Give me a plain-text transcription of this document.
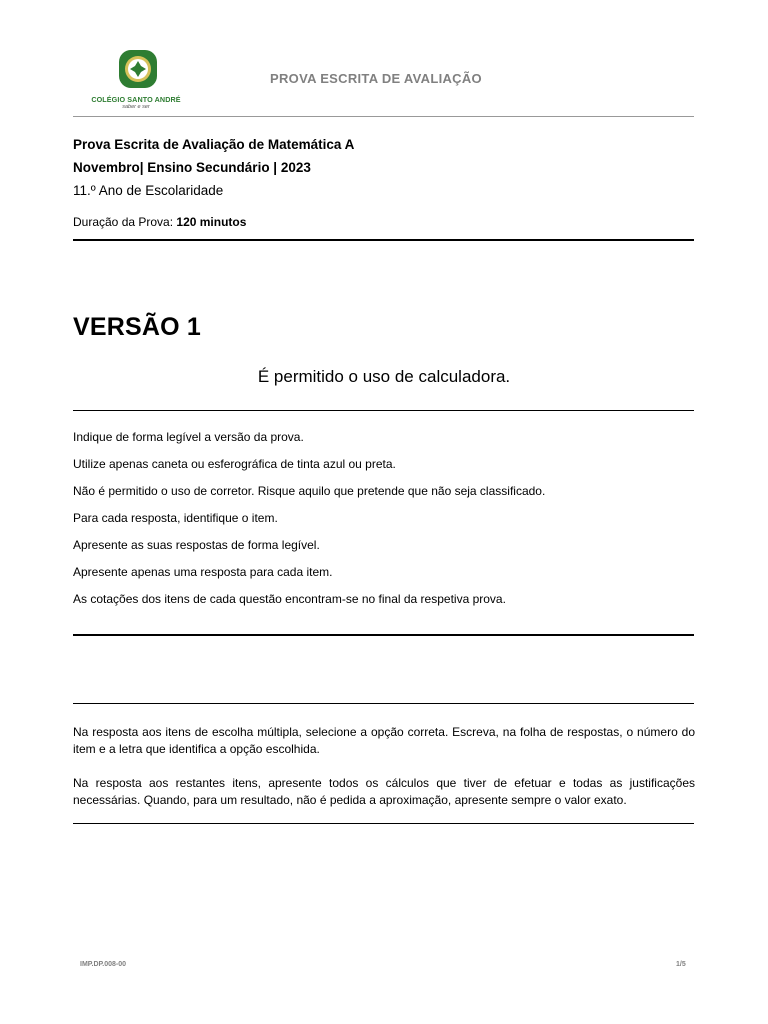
COLÉGIO SANTO ANDRÉ
saber e ser
PROVA ESCRITA DE AVALIAÇÃO
Prova Escrita de Avaliação de Matemática A
Novembro| Ensino Secundário | 2023
11.º Ano de Escolaridade
Duração da Prova: 120 minutos
VERSÃO 1
É permitido o uso de calculadora.
Indique de forma legível a versão da prova.
Utilize apenas caneta ou esferográfica de tinta azul ou preta.
Não é permitido o uso de corretor. Risque aquilo que pretende que não seja classificado.
Para cada resposta, identifique o item.
Apresente as suas respostas de forma legível.
Apresente apenas uma resposta para cada item.
As cotações dos itens de cada questão encontram-se no final da respetiva prova.
Na resposta aos itens de escolha múltipla, selecione a opção correta. Escreva, na folha de respostas, o número do item e a letra que identifica a opção escolhida.
Na resposta aos restantes itens, apresente todos os cálculos que tiver de efetuar e todas as justificações necessárias. Quando, para um resultado, não é pedida a aproximação, apresente sempre o valor exato.
IMP.DP.008-00	1/5
